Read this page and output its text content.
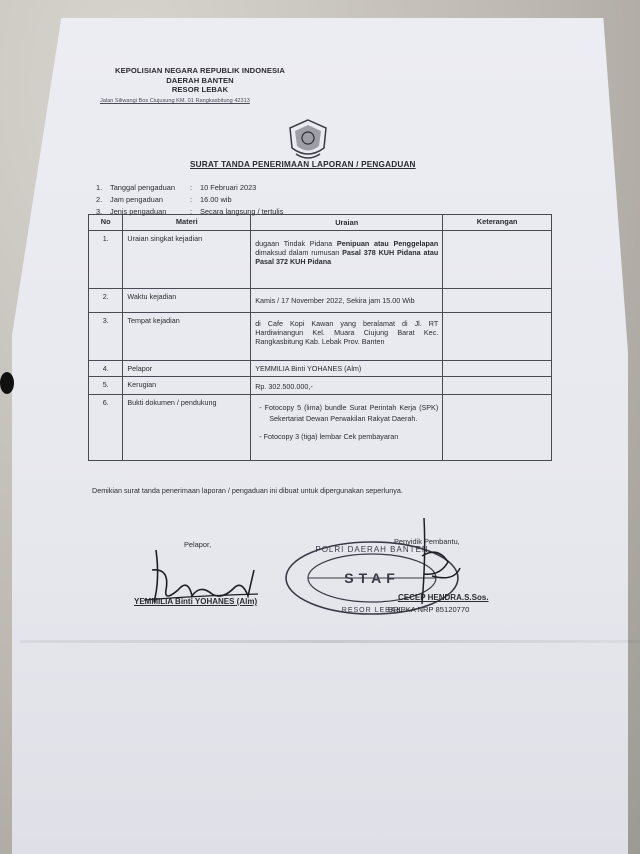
KEPOLISIAN NEGARA REPUBLIK INDONESIA
DAERAH BANTEN
RESOR LEBAK
Jalan Siliwangi Bos Ciujusung KM. 01 Rangkasbitung 42313
SURAT TANDA PENERIMAAN LAPORAN / PENGADUAN
1.	Tanggal pengaduan	:	10 Februari 2023
2.	Jam pengaduan	:	16.00 wib
3.	Jenis pengaduan	:	Secara langsung / tertulis
No	Materi	Uraian	Keterangan
1.	Uraian singkat kejadian	dugaan Tindak Pidana Penipuan atau Penggelapan dimaksud dalam rumusan Pasal 378 KUH Pidana atau Pasal 372 KUH Pidana	
2.	Waktu kejadian	Kamis / 17 November 2022, Sekira jam 15.00 Wib	
3.	Tempat kejadian	di Cafe Kopi Kawan yang beralamat di Jl. RT Hardiwinangun Kel. Muara Ciujung Barat Kec. Rangkasbitung Kab. Lebak Prov. Banten	
4.	Pelapor	YEMMILIA Binti YOHANES (Alm)	
5.	Kerugian	Rp. 302.500.000,-	
6.	Bukti dokumen / pendukung	- Fotocopy 5 (lima) bundle Surat Perintah Kerja (SPK) Sekertariat Dewan Perwakilan Rakyat Daerah.
- Fotocopy 3 (tiga) lembar Cek pembayaran	

Demikian surat tanda penerimaan laporan / pengaduan ini dibuat untuk dipergunakan seperlunya.
Pelapor,
YEMMILIA Binti YOHANES (Alm)
POLRI DAERAH BANTEN
STAF
RESOR LEBAK
Penyidik Pembantu,
CECEP HENDRA.S.Sos.
BRIPKA NRP 85120770
